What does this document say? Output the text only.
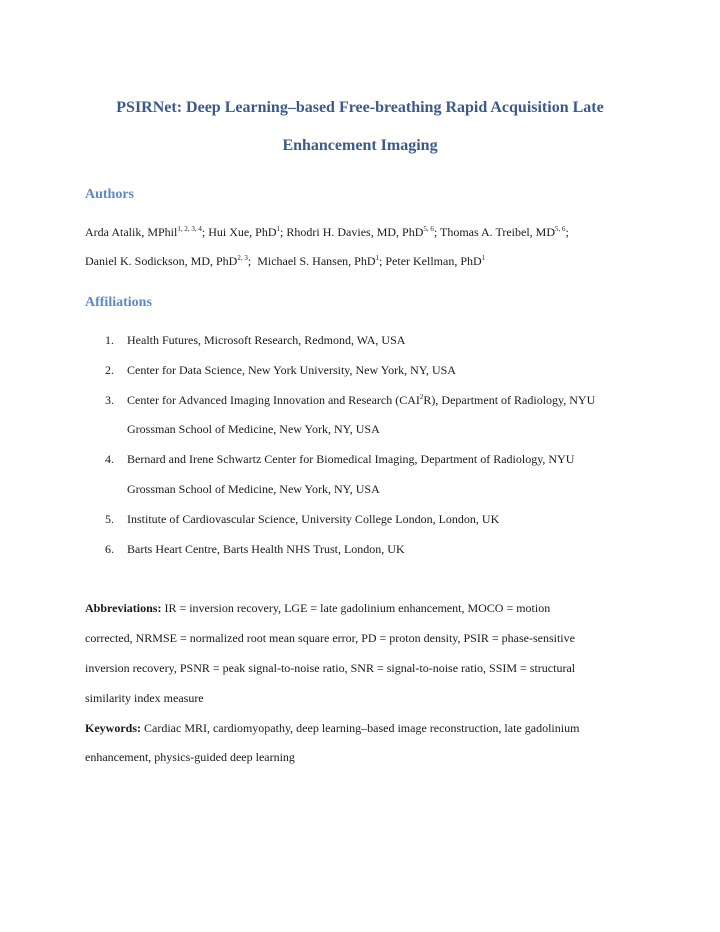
PSIRNet: Deep Learning–based Free-breathing Rapid Acquisition Late
Enhancement Imaging
Authors

Arda Atalik, MPhil$^{1, 2, 3, 4}$; Hui Xue, PhD$^1$; Rhodri H. Davies, MD, PhD$^{5, 6}$; Thomas A. Treibel, MD$^{5, 6}$;

Daniel K. Sodickson, MD, PhD$^{2, 3}$;  Michael S. Hansen, PhD$^1$; Peter Kellman, PhD$^1$

Affiliations
1. Health Futures, Microsoft Research, Redmond, WA, USA
2. Center for Data Science, New York University, New York, NY, USA
3. Center for Advanced Imaging Innovation and Research (CAI$^2$R), Department of Radiology, NYU
Grossman School of Medicine, New York, NY, USA
4. Bernard and Irene Schwartz Center for Biomedical Imaging, Department of Radiology, NYU
Grossman School of Medicine, New York, NY, USA
5. Institute of Cardiovascular Science, University College London, London, UK
6. Barts Heart Centre, Barts Health NHS Trust, London, UK

Abbreviations: IR = inversion recovery, LGE = late gadolinium enhancement, MOCO = motion

corrected, NRMSE = normalized root mean square error, PD = proton density, PSIR = phase-sensitive

inversion recovery, PSNR = peak signal-to-noise ratio, SNR = signal-to-noise ratio, SSIM = structural

similarity index measure

Keywords: Cardiac MRI, cardiomyopathy, deep learning–based image reconstruction, late gadolinium

enhancement, physics-guided deep learning
